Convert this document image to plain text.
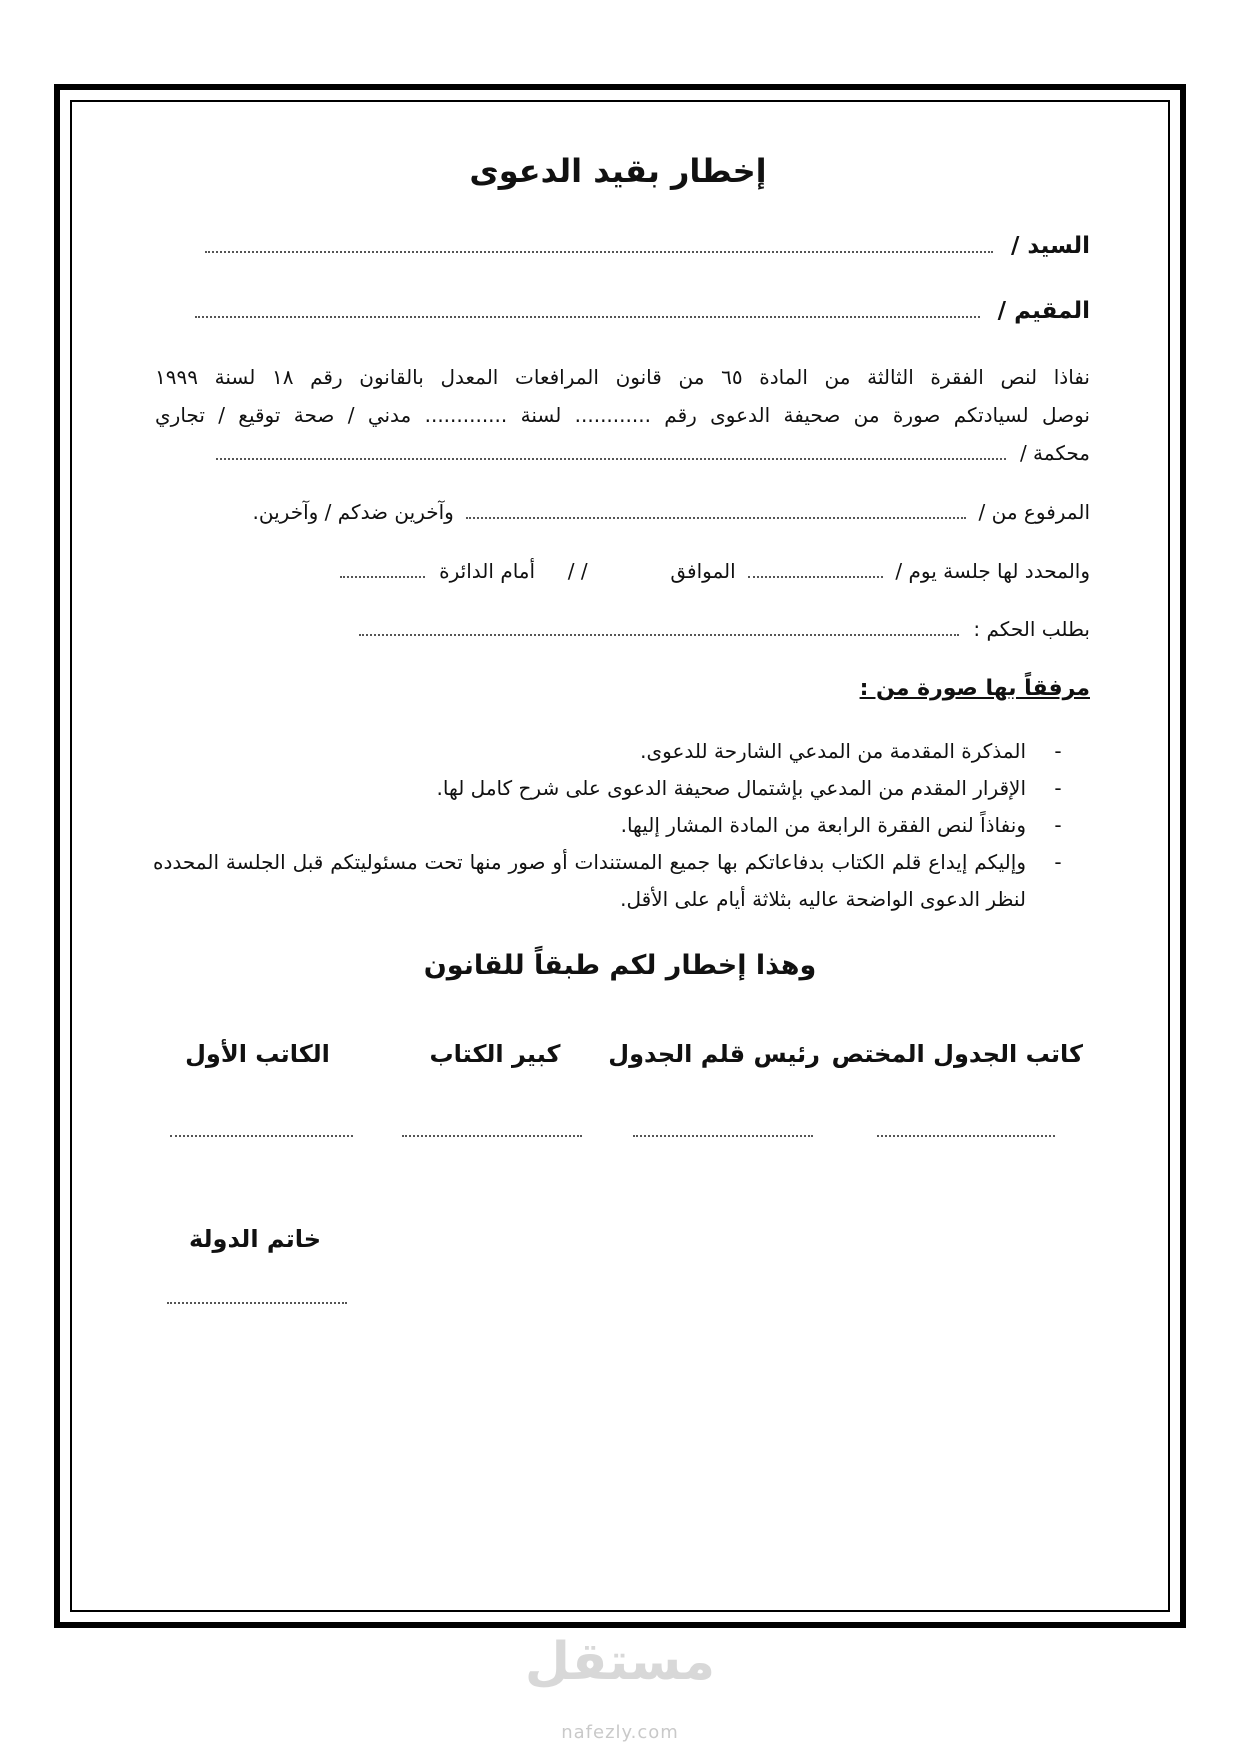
إخطار بقيد الدعوى
السيد /
المقيم /
نفاذا لنص الفقرة الثالثة من المادة ٦٥ من قانون المرافعات المعدل بالقانون رقم ١٨ لسنة ١٩٩٩
نوصل لسيادتكم صورة من صحيفة الدعوى رقم ............ لسنة ............. مدني / صحة توقيع / تجاري
محكمة /
المرفوع من /  وآخرين ضدكم / وآخرين.
والمحدد لها جلسة يوم /  الموافق  / /  أمام الدائرة
بطلب الحكم :
مرفقاً بها صورة من :
-
المذكرة المقدمة من المدعي الشارحة للدعوى.
-
الإقرار المقدم من المدعي بإشتمال صحيفة الدعوى على شرح كامل لها.
-
ونفاذاً لنص الفقرة الرابعة من المادة المشار إليها.
-
وإليكم إيداع قلم الكتاب بدفاعاتكم بها جميع المستندات أو صور منها تحت مسئوليتكم قبل الجلسة المحدده لنظر الدعوى الواضحة عاليه بثلاثة أيام على الأقل.
وهذا إخطار لكم طبقاً للقانون
كاتب الجدول المختص
رئيس قلم الجدول
كبير الكتاب
الكاتب الأول
خاتم الدولة
مستقل
nafezly.com
